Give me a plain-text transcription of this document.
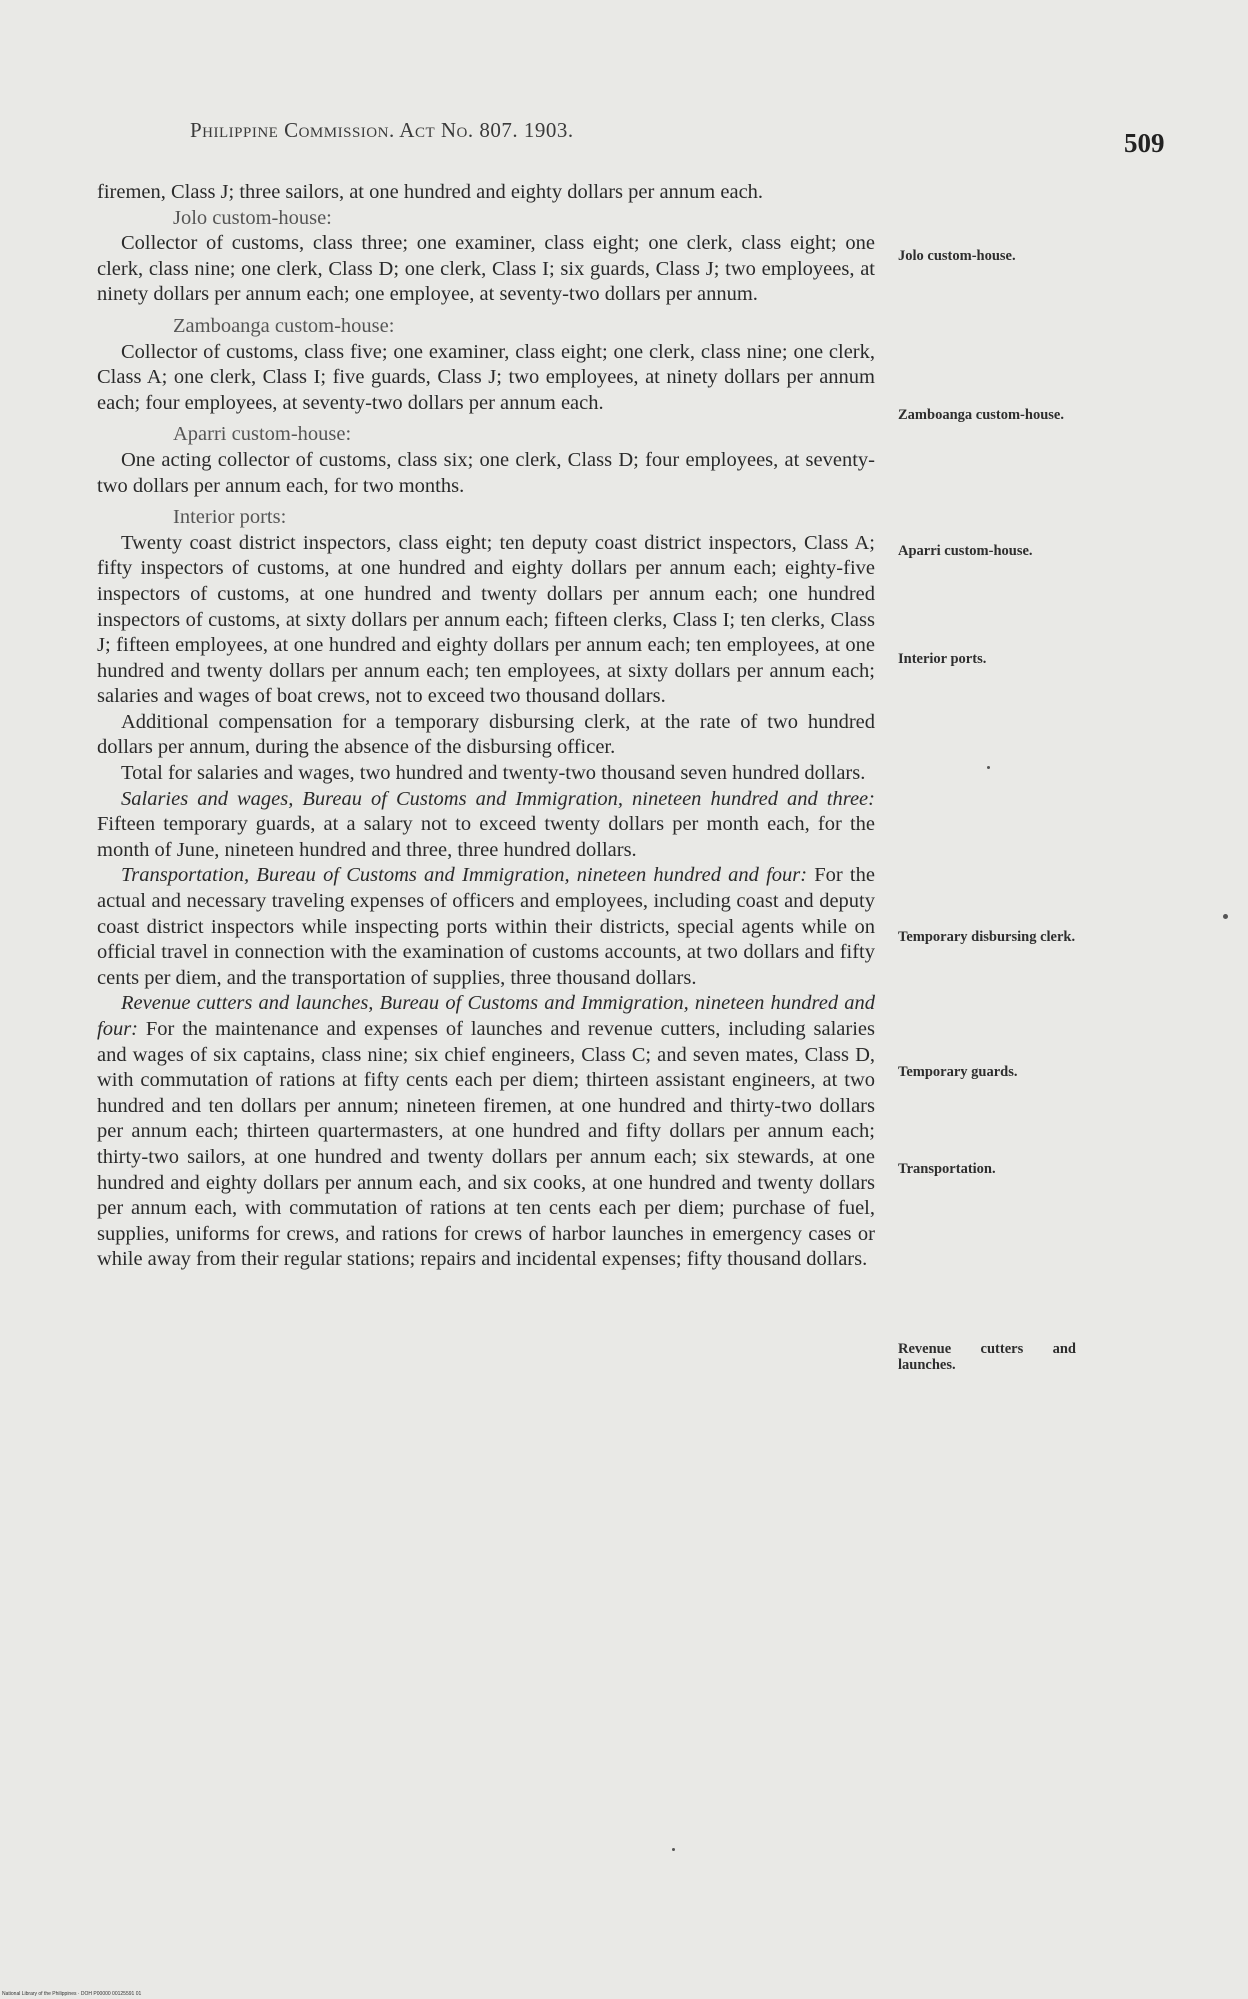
Philippine Commission. Act No. 807. 1903.	509

firemen, Class J; three sailors, at one hundred and eighty dollars per annum each.

Jolo custom-house:

Collector of customs, class three; one examiner, class eight; one clerk, class eight; one clerk, class nine; one clerk, Class D; one clerk, Class I; six guards, Class J; two employees, at ninety dollars per annum each; one employee, at seventy-two dollars per annum.

Zamboanga custom-house:

Collector of customs, class five; one examiner, class eight; one clerk, class nine; one clerk, Class A; one clerk, Class I; five guards, Class J; two employees, at ninety dollars per annum each; four employees, at seventy-two dollars per annum each.

Aparri custom-house:

One acting collector of customs, class six; one clerk, Class D; four employees, at seventy-two dollars per annum each, for two months.

Interior ports:

Twenty coast district inspectors, class eight; ten deputy coast district inspectors, Class A; fifty inspectors of customs, at one hundred and eighty dollars per annum each; eighty-five inspectors of customs, at one hundred and twenty dollars per annum each; one hundred inspectors of customs, at sixty dollars per annum each; fifteen clerks, Class I; ten clerks, Class J; fifteen employees, at one hundred and eighty dollars per annum each; ten employees, at one hundred and twenty dollars per annum each; ten employees, at sixty dollars per annum each; salaries and wages of boat crews, not to exceed two thousand dollars.

Additional compensation for a temporary disbursing clerk, at the rate of two hundred dollars per annum, during the absence of the disbursing officer.

Total for salaries and wages, two hundred and twenty-two thousand seven hundred dollars.

Salaries and wages, Bureau of Customs and Immigration, nineteen hundred and three: Fifteen temporary guards, at a salary not to exceed twenty dollars per month each, for the month of June, nineteen hundred and three, three hundred dollars.

Transportation, Bureau of Customs and Immigration, nineteen hundred and four: For the actual and necessary traveling expenses of officers and employees, including coast and deputy coast district inspectors while inspecting ports within their districts, special agents while on official travel in connection with the examination of customs accounts, at two dollars and fifty cents per diem, and the transportation of supplies, three thousand dollars.

Revenue cutters and launches, Bureau of Customs and Immigration, nineteen hundred and four: For the maintenance and expenses of launches and revenue cutters, including salaries and wages of six captains, class nine; six chief engineers, Class C; and seven mates, Class D, with commutation of rations at fifty cents each per diem; thirteen assistant engineers, at two hundred and ten dollars per annum; nineteen firemen, at one hundred and thirty-two dollars per annum each; thirteen quartermasters, at one hundred and fifty dollars per annum each; thirty-two sailors, at one hundred and twenty dollars per annum each; six stewards, at one hundred and eighty dollars per annum each, and six cooks, at one hundred and twenty dollars per annum each, with commutation of rations at ten cents each per diem; purchase of fuel, supplies, uniforms for crews, and rations for crews of harbor launches in emergency cases or while away from their regular stations; repairs and incidental expenses; fifty thousand dollars.

Jolo custom-house.
Zamboanga custom-house.
Aparri custom-house.
Interior ports.
Temporary disbursing clerk.
Temporary guards.
Transportation.
Revenue cutters and launches.
National Library of the Philippines · DOH P00000 00125591 01
